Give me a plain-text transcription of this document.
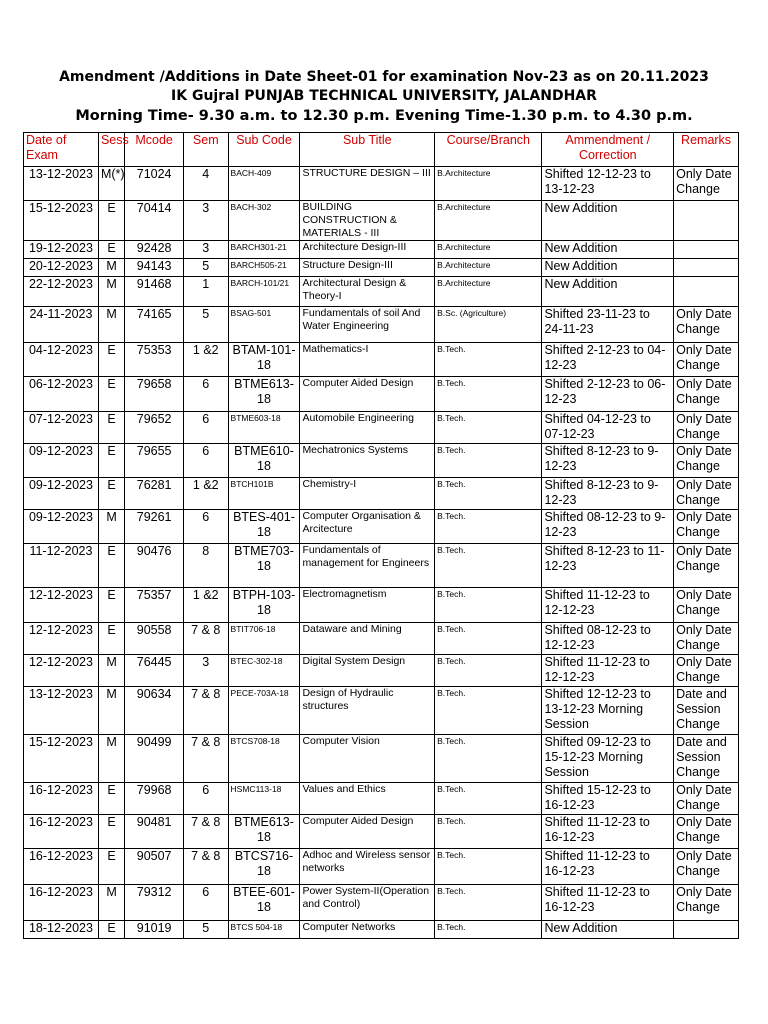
Amendment /Additions in Date Sheet-01 for examination Nov-23 as on 20.11.2023
IK Gujral PUNJAB TECHNICAL UNIVERSITY, JALANDHAR
Morning Time- 9.30 a.m. to 12.30 p.m. Evening Time-1.30 p.m. to 4.30 p.m.
Date of Exam	Sess	Mcode	Sem	Sub Code	Sub Title	Course/Branch	Ammendment / Correction	Remarks
13-12-2023	M(*)	71024	4	BACH-409	STRUCTURE DESIGN – III	B.Architecture	Shifted 12-12-23 to 13-12-23	Only Date Change
15-12-2023	E	70414	3	BACH-302	BUILDING CONSTRUCTION & MATERIALS - III	B.Architecture	New Addition	
19-12-2023	E	92428	3	BARCH301-21	Architecture Design-III	B.Architecture	New Addition	
20-12-2023	M	94143	5	BARCH505-21	Structure Design-III	B.Architecture	New Addition	
22-12-2023	M	91468	1	BARCH-101/21	Architectural Design & Theory-I	B.Architecture	New Addition	
24-11-2023	M	74165	5	BSAG-501	Fundamentals of soil And Water Engineering	B.Sc. (Agriculture)	Shifted 23-11-23 to 24-11-23	Only Date Change
04-12-2023	E	75353	1 &2	BTAM-101-18	Mathematics-I	B.Tech.	Shifted 2-12-23 to 04-12-23	Only Date Change
06-12-2023	E	79658	6	BTME613-18	Computer Aided Design	B.Tech.	Shifted 2-12-23 to 06-12-23	Only Date Change
07-12-2023	E	79652	6	BTME603-18	Automobile Engineering	B.Tech.	Shifted 04-12-23 to 07-12-23	Only Date Change
09-12-2023	E	79655	6	BTME610-18	Mechatronics Systems	B.Tech.	Shifted 8-12-23 to 9-12-23	Only Date Change
09-12-2023	E	76281	1 &2	BTCH101B	Chemistry-I	B.Tech.	Shifted 8-12-23 to 9-12-23	Only Date Change
09-12-2023	M	79261	6	BTES-401-18	Computer Organisation & Arcitecture	B.Tech.	Shifted 08-12-23 to 9-12-23	Only Date Change
11-12-2023	E	90476	8	BTME703-18	Fundamentals of management for Engineers	B.Tech.	Shifted 8-12-23 to 11-12-23	Only Date Change
12-12-2023	E	75357	1 &2	BTPH-103-18	Electromagnetism	B.Tech.	Shifted 11-12-23 to 12-12-23	Only Date Change
12-12-2023	E	90558	7 & 8	BTIT706-18	Dataware and Mining	B.Tech.	Shifted 08-12-23 to 12-12-23	Only Date Change
12-12-2023	M	76445	3	BTEC-302-18	Digital System Design	B.Tech.	Shifted 11-12-23 to 12-12-23	Only Date Change
13-12-2023	M	90634	7 & 8	PECE-703A-18	Design of Hydraulic structures	B.Tech.	Shifted 12-12-23 to 13-12-23 Morning Session	Date and Session Change
15-12-2023	M	90499	7 & 8	BTCS708-18	Computer Vision	B.Tech.	Shifted 09-12-23 to 15-12-23 Morning Session	Date and Session Change
16-12-2023	E	79968	6	HSMC113-18	Values and Ethics	B.Tech.	Shifted 15-12-23 to 16-12-23	Only Date Change
16-12-2023	E	90481	7 & 8	BTME613-18	Computer Aided Design	B.Tech.	Shifted 11-12-23 to 16-12-23	Only Date Change
16-12-2023	E	90507	7 & 8	BTCS716-18	Adhoc and Wireless sensor networks	B.Tech.	Shifted 11-12-23 to 16-12-23	Only Date Change
16-12-2023	M	79312	6	BTEE-601-18	Power System-II(Operation and Control)	B.Tech.	Shifted 11-12-23 to 16-12-23	Only Date Change
18-12-2023	E	91019	5	BTCS 504-18	Computer Networks	B.Tech.	New Addition	
